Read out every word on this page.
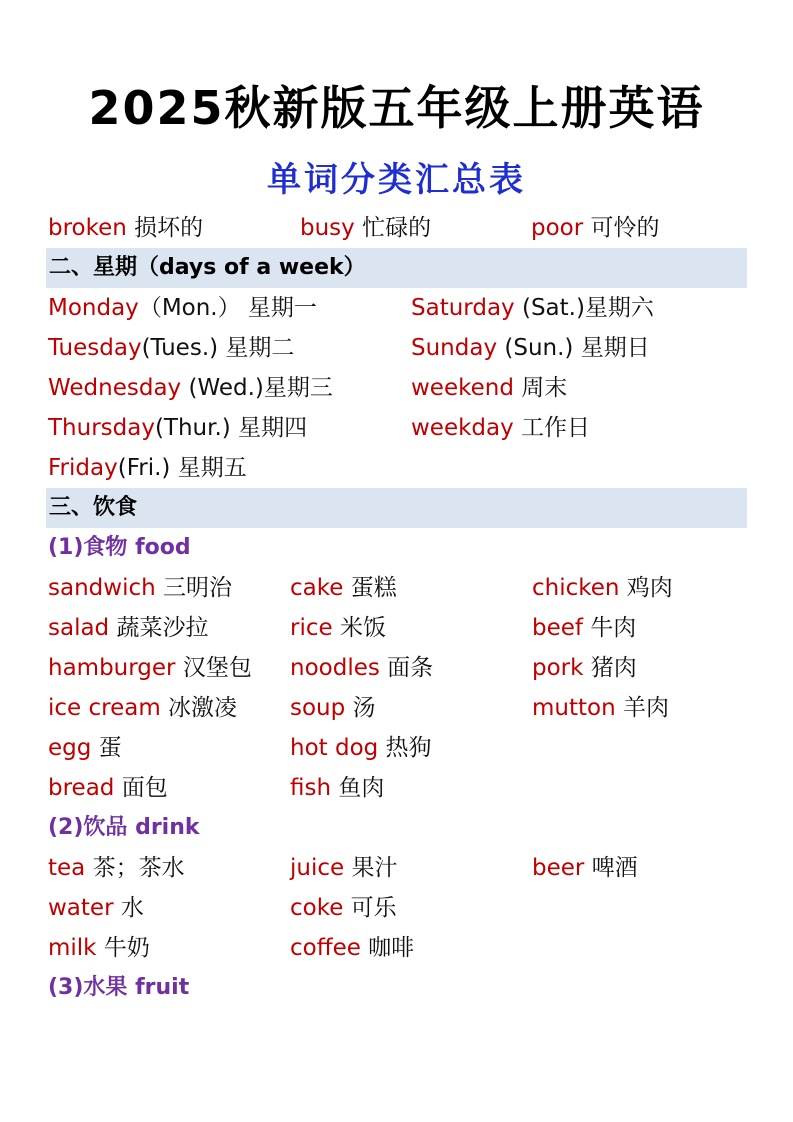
2025秋新版五年级上册英语
单词分类汇总表
broken 损坏的	busy 忙碌的	poor 可怜的
二、星期（days of a week）
Monday（Mon.） 星期一
Tuesday(Tues.) 星期二
Wednesday (Wed.)星期三
Thursday(Thur.) 星期四
Friday(Fri.) 星期五
Saturday (Sat.)星期六
Sunday (Sun.) 星期日
weekend 周末
weekday 工作日
三、饮食
(1)食物 food
sandwich 三明治
salad 蔬菜沙拉
hamburger 汉堡包
ice cream 冰激凌
egg 蛋
bread 面包
cake 蛋糕
rice 米饭
noodles 面条
soup 汤
hot dog 热狗
fish 鱼肉
chicken 鸡肉
beef 牛肉
pork 猪肉
mutton 羊肉
(2)饮品 drink
tea 茶；茶水
water 水
milk 牛奶
juice 果汁
coke 可乐
coffee 咖啡
beer 啤酒
(3)水果 fruit
